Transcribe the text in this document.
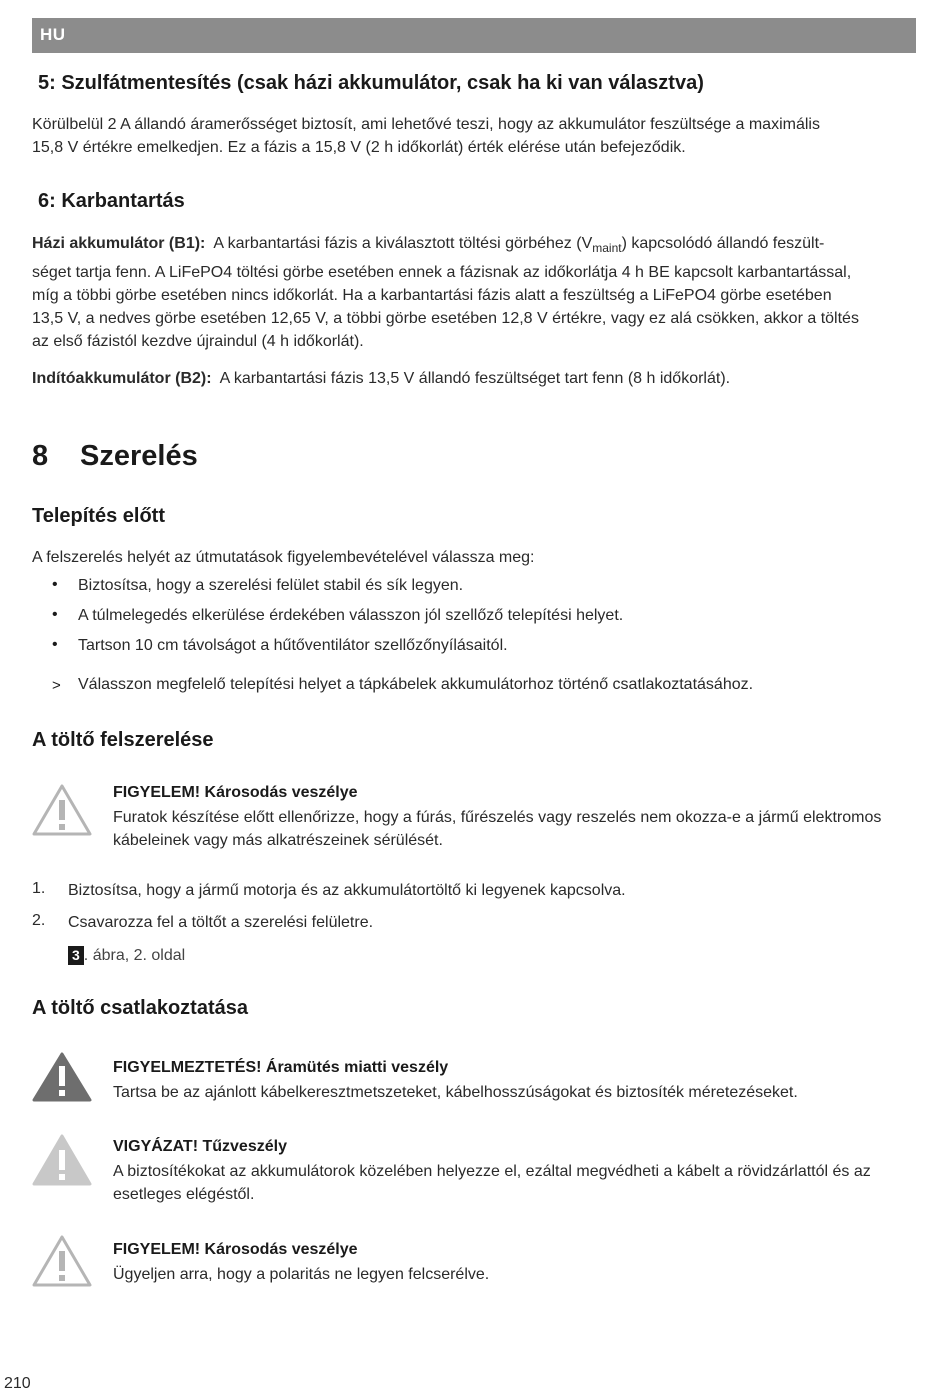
HU
5: Szulfátmentesítés (csak házi akkumulátor, csak ha ki van választva)
Körülbelül 2 A állandó áramerősséget biztosít, ami lehetővé teszi, hogy az akkumulátor feszültsége a maximális
15,8 V értékre emelkedjen. Ez a fázis a 15,8 V (2 h időkorlát) érték elérése után befejeződik.
6: Karbantartás
Házi akkumulátor (B1): A karbantartási fázis a kiválasztott töltési görbéhez $(V_{maint})$ kapcsolódó állandó feszült-
séget tartja fenn. A LiFePO4 töltési görbe esetében ennek a fázisnak az időkorlátja 4 h BE kapcsolt karbantartással,
míg a többi görbe esetében nincs időkorlát. Ha a karbantartási fázis alatt a feszültség a LiFePO4 görbe esetében
13,5 V, a nedves görbe esetében 12,65 V, a többi görbe esetében 12,8 V értékre, vagy ez alá csökken, akkor a töltés
az első fázistól kezdve újraindul (4 h időkorlát).
Indítóakkumulátor (B2): A karbantartási fázis 13,5 V állandó feszültséget tart fenn (8 h időkorlát).
8 Szerelés
Telepítés előtt
A felszerelés helyét az útmutatások figyelembevételével válassza meg:
• Biztosítsa, hogy a szerelési felület stabil és sík legyen.
• A túlmelegedés elkerülése érdekében válasszon jól szellőző telepítési helyet.
• Tartson 10 cm távolságot a hűtőventilátor szellőzőnyílásaitól.
> Válasszon megfelelő telepítési helyet a tápkábelek akkumulátorhoz történő csatlakoztatásához.
A töltő felszerelése
FIGYELEM! Károsodás veszélye
Furatok készítése előtt ellenőrizze, hogy a fúrás, fűrészelés vagy reszelés nem okozza-e a jármű elektromos
kábeleinek vagy más alkatrészeinek sérülését.
1. Biztosítsa, hogy a jármű motorja és az akkumulátortöltő ki legyenek kapcsolva.
2. Csavarozza fel a töltőt a szerelési felületre.
3 . ábra, 2. oldal
A töltő csatlakoztatása
FIGYELMEZTETÉS! Áramütés miatti veszély
Tartsa be az ajánlott kábelkeresztmetszeteket, kábelhosszúságokat és biztosíték méretezéseket.
VIGYÁZAT! Tűzveszély
A biztosítékokat az akkumulátorok közelében helyezze el, ezáltal megvédheti a kábelt a rövidzárlattól és az
esetleges elégéstől.
FIGYELEM! Károsodás veszélye
Ügyeljen arra, hogy a polaritás ne legyen felcserélve.
210
